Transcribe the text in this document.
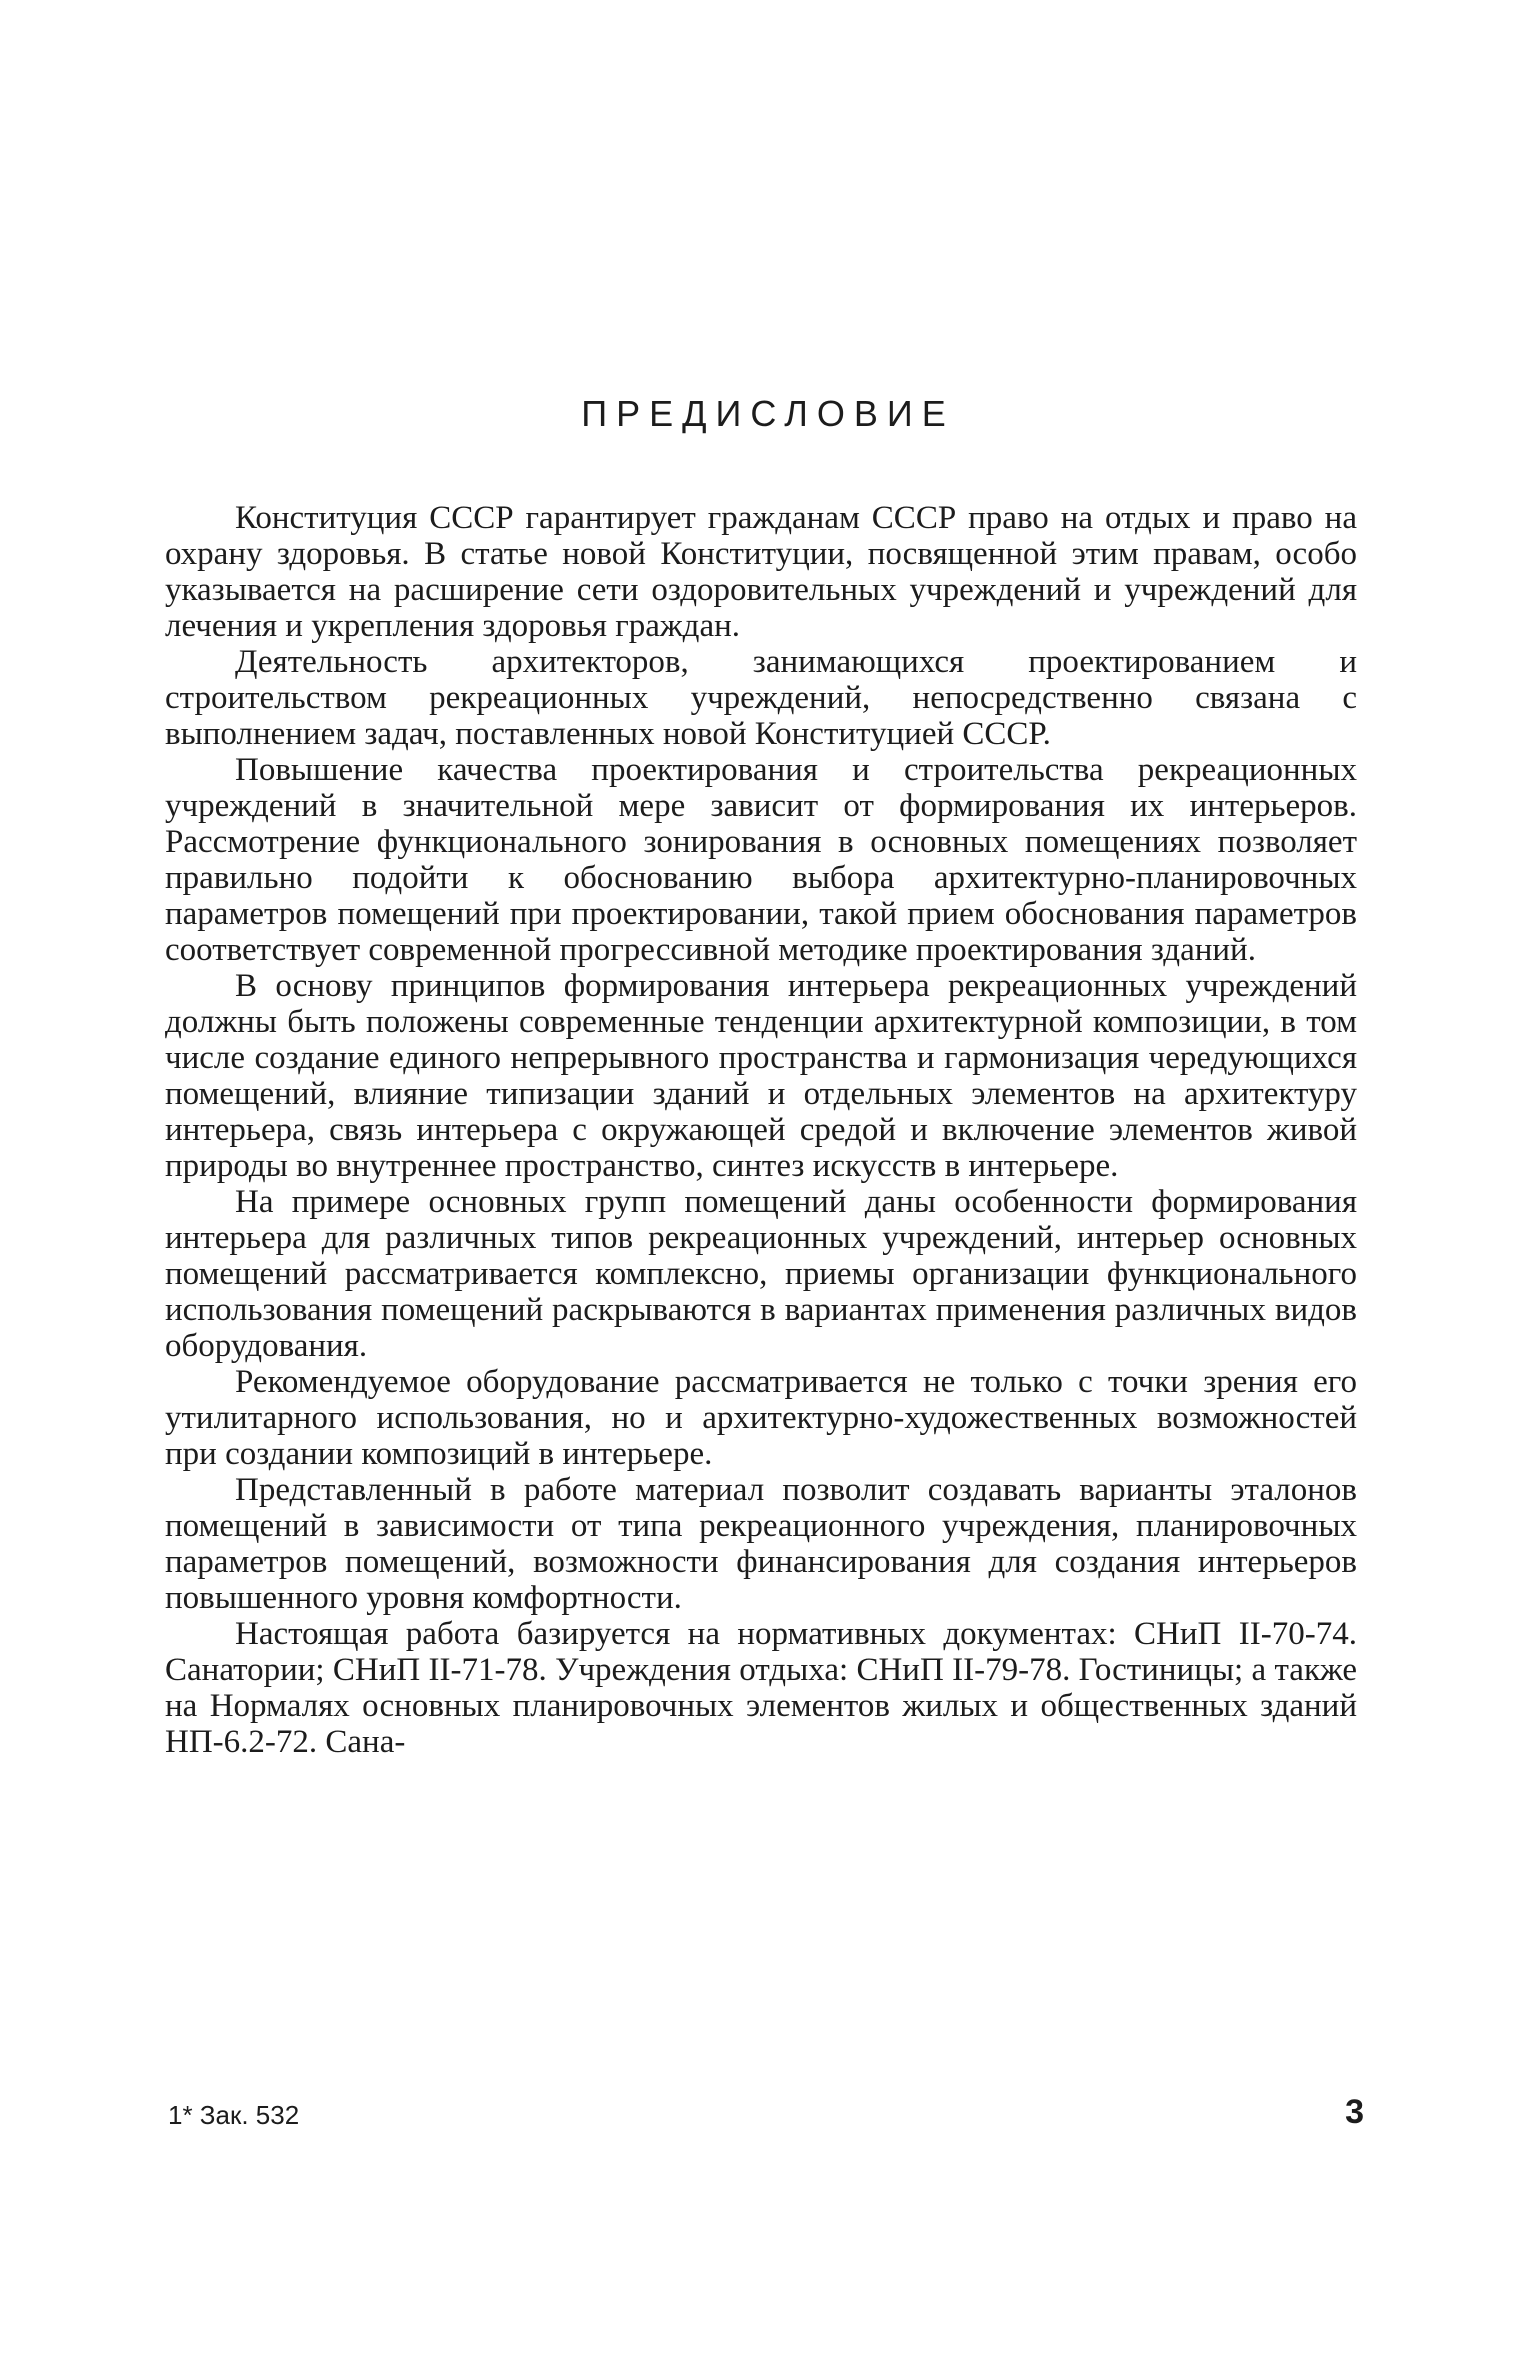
ПРЕДИСЛОВИЕ

Конституция СССР гарантирует гражданам СССР право на отдых и право на охрану здоровья. В статье новой Конституции, посвященной этим правам, особо указывается на расширение сети оздоровительных учреждений и учреждений для лечения и укрепления здоровья граждан.

Деятельность архитекторов, занимающихся проектированием и строительством рекреационных учреждений, непосредственно связана с выполнением задач, поставленных новой Конституцией СССР.

Повышение качества проектирования и строительства рекреационных учреждений в значительной мере зависит от формирования их интерьеров. Рассмотрение функционального зонирования в основных помещениях позволяет правильно подойти к обоснованию выбора архитектурно-планировочных параметров помещений при проектировании, такой прием обоснования параметров соответствует современной прогрессивной методике проектирования зданий.

В основу принципов формирования интерьера рекреационных учреждений должны быть положены современные тенденции архитектурной композиции, в том числе создание единого непрерывного пространства и гармонизация чередующихся помещений, влияние типизации зданий и отдельных элементов на архитектуру интерьера, связь интерьера с окружающей средой и включение элементов живой природы во внутреннее пространство, синтез искусств в интерьере.

На примере основных групп помещений даны особенности формирования интерьера для различных типов рекреационных учреждений, интерьер основных помещений рассматривается комплексно, приемы организации функционального использования помещений раскрываются в вариантах применения различных видов оборудования.

Рекомендуемое оборудование рассматривается не только с точки зрения его утилитарного использования, но и архитектурно-художественных возможностей при создании композиций в интерьере.

Представленный в работе материал позволит создавать варианты эталонов помещений в зависимости от типа рекреационного учреждения, планировочных параметров помещений, возможности финансирования для создания интерьеров повышенного уровня комфортности.

Настоящая работа базируется на нормативных документах: СНиП II-70-74. Санатории; СНиП II-71-78. Учреждения отдыха: СНиП II-79-78. Гостиницы; а также на Нормалях основных планировочных элементов жилых и общественных зданий НП-6.2-72. Сана-

1* Зак. 532	3
